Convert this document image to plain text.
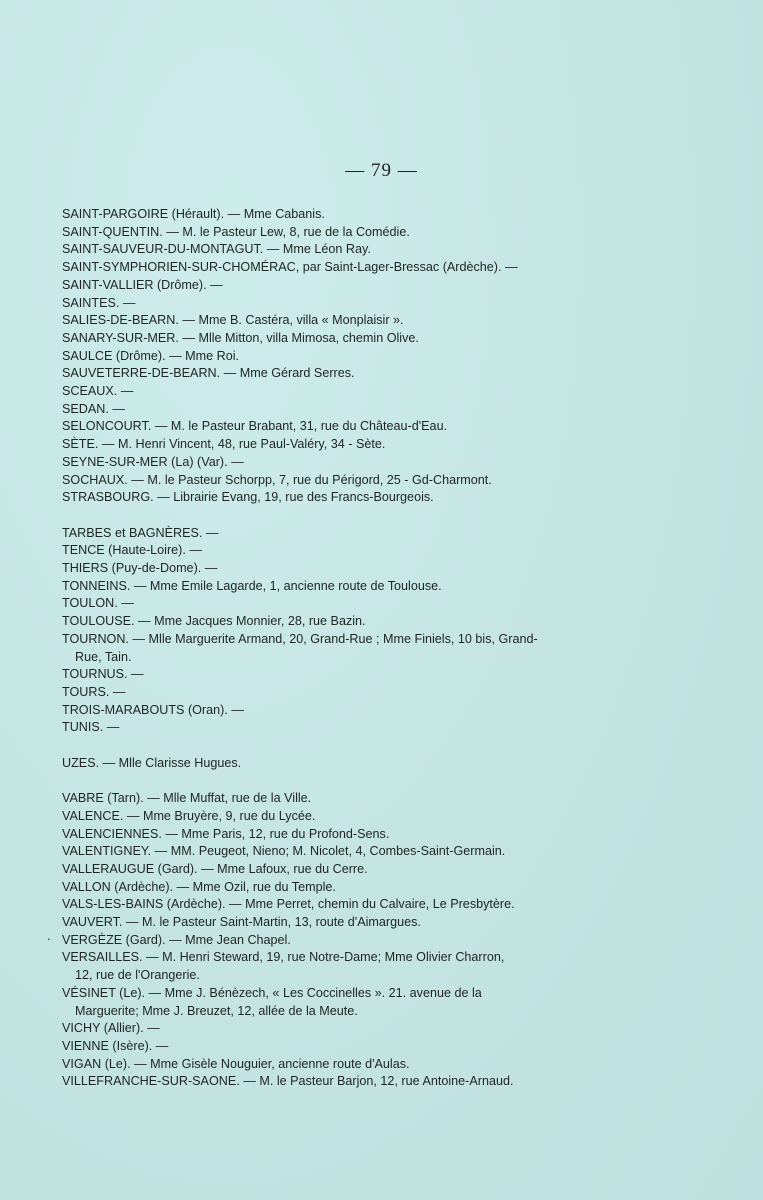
— 79 —
.
SAINT-PARGOIRE (Hérault). — Mme Cabanis.
SAINT-QUENTIN. — M. le Pasteur Lew, 8, rue de la Comédie.
SAINT-SAUVEUR-DU-MONTAGUT. — Mme Léon Ray.
SAINT-SYMPHORIEN-SUR-CHOMÉRAC, par Saint-Lager-Bressac (Ardèche). —
SAINT-VALLIER (Drôme). —
SAINTES. —
SALIES-DE-BEARN. — Mme B. Castéra, villa « Monplaisir ».
SANARY-SUR-MER. — Mlle Mitton, villa Mimosa, chemin Olive.
SAULCE (Drôme). — Mme Roi.
SAUVETERRE-DE-BEARN. — Mme Gérard Serres.
SCEAUX. —
SEDAN. —
SELONCOURT. — M. le Pasteur Brabant, 31, rue du Château-d'Eau.
SÈTE. — M. Henri Vincent, 48, rue Paul-Valéry, 34 - Sète.
SEYNE-SUR-MER (La) (Var). —
SOCHAUX. — M. le Pasteur Schorpp, 7, rue du Périgord, 25 - Gd-Charmont.
STRASBOURG. — Librairie Evang, 19, rue des Francs-Bourgeois.
TARBES et BAGNÈRES. —
TENCE (Haute-Loire). —
THIERS (Puy-de-Dome). —
TONNEINS. — Mme Emile Lagarde, 1, ancienne route de Toulouse.
TOULON. —
TOULOUSE. — Mme Jacques Monnier, 28, rue Bazin.
TOURNON. — Mlle Marguerite Armand, 20, Grand-Rue ; Mme Finiels, 10 bis, Grand-
Rue, Tain.
TOURNUS. —
TOURS. —
TROIS-MARABOUTS (Oran). —
TUNIS. —
UZES. — Mlle Clarisse Hugues.
VABRE (Tarn). — Mlle Muffat, rue de la Ville.
VALENCE. — Mme Bruyère, 9, rue du Lycée.
VALENCIENNES. — Mme Paris, 12, rue du Profond-Sens.
VALENTIGNEY. — MM. Peugeot, Nieno; M. Nicolet, 4, Combes-Saint-Germain.
VALLERAUGUE (Gard). — Mme Lafoux, rue du Cerre.
VALLON (Ardèche). — Mme Ozil, rue du Temple.
VALS-LES-BAINS (Ardèche). — Mme Perret, chemin du Calvaire, Le Presbytère.
VAUVERT. — M. le Pasteur Saint-Martin, 13, route d'Aimargues.
VERGÈZE (Gard). — Mme Jean Chapel.
VERSAILLES. — M. Henri Steward, 19, rue Notre-Dame; Mme Olivier Charron,
12, rue de l'Orangerie.
VÉSINET (Le). — Mme J. Bénèzech, « Les Coccinelles ». 21. avenue de la
Marguerite; Mme J. Breuzet, 12, allée de la Meute.
VICHY (Allier). —
VIENNE (Isère). —
VIGAN (Le). — Mme Gisèle Nouguier, ancienne route d'Aulas.
VILLEFRANCHE-SUR-SAONE. — M. le Pasteur Barjon, 12, rue Antoine-Arnaud.
